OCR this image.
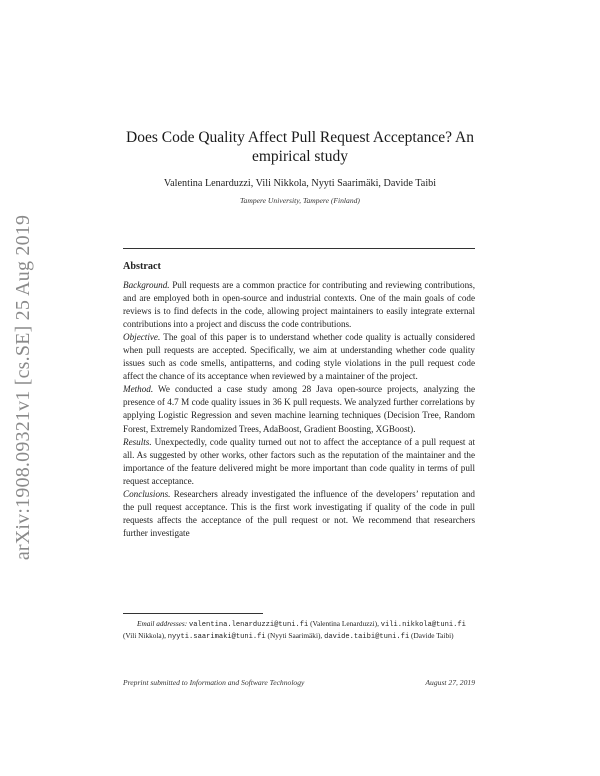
arXiv:1908.09321v1 [cs.SE] 25 Aug 2019
Does Code Quality Affect Pull Request Acceptance? An empirical study
Valentina Lenarduzzi, Vili Nikkola, Nyyti Saarimäki, Davide Taibi
Tampere University, Tampere (Finland)
Abstract

Background. Pull requests are a common practice for contributing and reviewing contributions, and are employed both in open-source and industrial contexts. One of the main goals of code reviews is to find defects in the code, allowing project maintainers to easily integrate external contributions into a project and discuss the code contributions.

Objective. The goal of this paper is to understand whether code quality is actually considered when pull requests are accepted. Specifically, we aim at understanding whether code quality issues such as code smells, antipatterns, and coding style violations in the pull request code affect the chance of its acceptance when reviewed by a maintainer of the project.

Method. We conducted a case study among 28 Java open-source projects, analyzing the presence of 4.7 M code quality issues in 36 K pull requests. We analyzed further correlations by applying Logistic Regression and seven machine learning techniques (Decision Tree, Random Forest, Extremely Randomized Trees, AdaBoost, Gradient Boosting, XGBoost).

Results. Unexpectedly, code quality turned out not to affect the acceptance of a pull request at all. As suggested by other works, other factors such as the reputation of the maintainer and the importance of the feature delivered might be more important than code quality in terms of pull request acceptance.

Conclusions. Researchers already investigated the influence of the developers’ reputation and the pull request acceptance. This is the first work investigating if quality of the code in pull requests affects the acceptance of the pull request or not. We recommend that researchers further investigate

Email addresses: valentina.lenarduzzi@tuni.fi (Valentina Lenarduzzi), vili.nikkola@tuni.fi (Vili Nikkola), nyyti.saarimaki@tuni.fi (Nyyti Saarimäki), davide.taibi@tuni.fi (Davide Taibi)

Preprint submitted to Information and Software Technology	August 27, 2019
